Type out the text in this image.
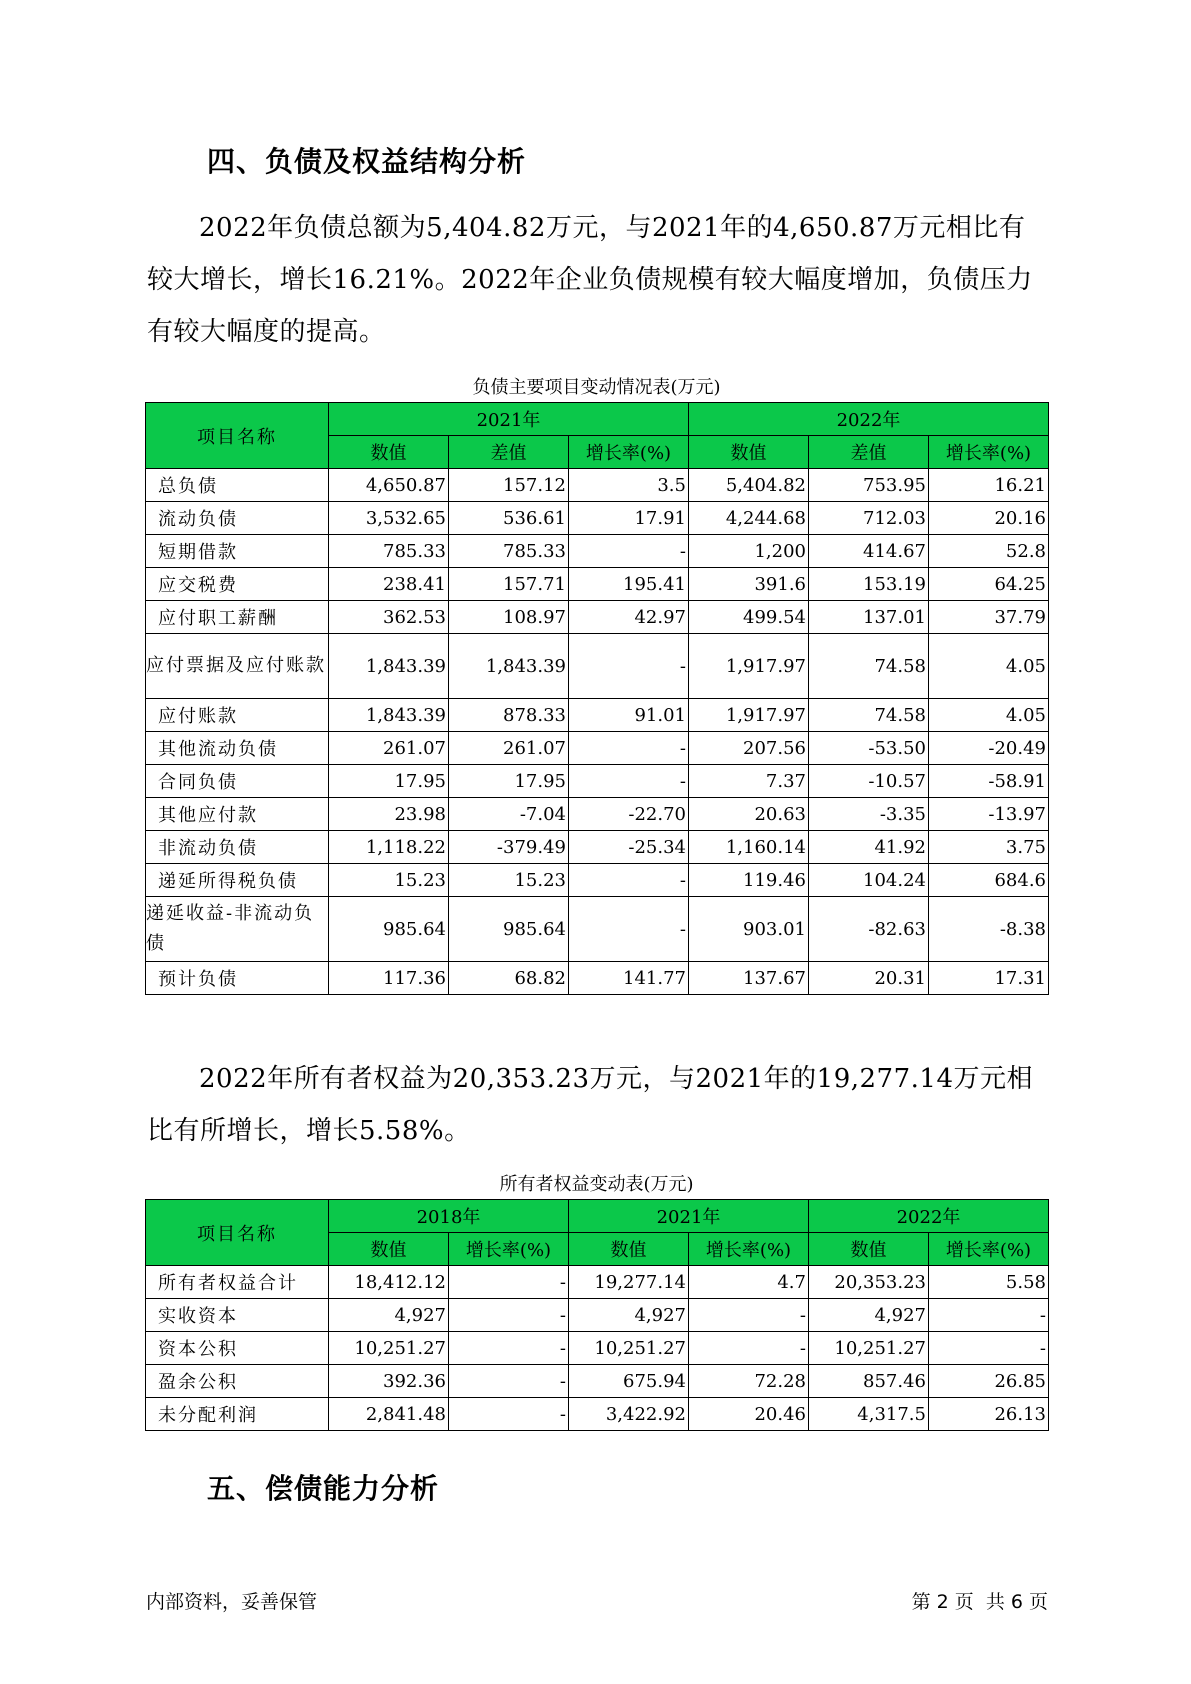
四、负债及权益结构分析
2022年负债总额为5,404.82万元，与2021年的4,650.87万元相比有较大增长，增长16.21%。2022年企业负债规模有较大幅度增加，负债压力有较大幅度的提高。
负债主要项目变动情况表(万元)
项目名称	2021年			2022年		
	数值	差值	增长率(%)	数值	差值	增长率(%)
总负债	4,650.87	157.12	3.5	5,404.82	753.95	16.21
流动负债	3,532.65	536.61	17.91	4,244.68	712.03	20.16
短期借款	785.33	785.33	-	1,200	414.67	52.8
应交税费	238.41	157.71	195.41	391.6	153.19	64.25
应付职工薪酬	362.53	108.97	42.97	499.54	137.01	37.79
应付票据及应付账款	1,843.39	1,843.39	-	1,917.97	74.58	4.05
应付账款	1,843.39	878.33	91.01	1,917.97	74.58	4.05
其他流动负债	261.07	261.07	-	207.56	-53.50	-20.49
合同负债	17.95	17.95	-	7.37	-10.57	-58.91
其他应付款	23.98	-7.04	-22.70	20.63	-3.35	-13.97
非流动负债	1,118.22	-379.49	-25.34	1,160.14	41.92	3.75
递延所得税负债	15.23	15.23	-	119.46	104.24	684.6
递延收益-非流动负债	985.64	985.64	-	903.01	-82.63	-8.38
预计负债	117.36	68.82	141.77	137.67	20.31	17.31
2022年所有者权益为20,353.23万元，与2021年的19,277.14万元相比有所增长，增长5.58%。
所有者权益变动表(万元)
项目名称	2018年		2021年		2022年	
	数值	增长率(%)	数值	增长率(%)	数值	增长率(%)
所有者权益合计	18,412.12	-	19,277.14	4.7	20,353.23	5.58
实收资本	4,927	-	4,927	-	4,927	-
资本公积	10,251.27	-	10,251.27	-	10,251.27	-
盈余公积	392.36	-	675.94	72.28	857.46	26.85
未分配利润	2,841.48	-	3,422.92	20.46	4,317.5	26.13
五、偿债能力分析
内部资料，妥善保管	第 2 页  共 6 页
